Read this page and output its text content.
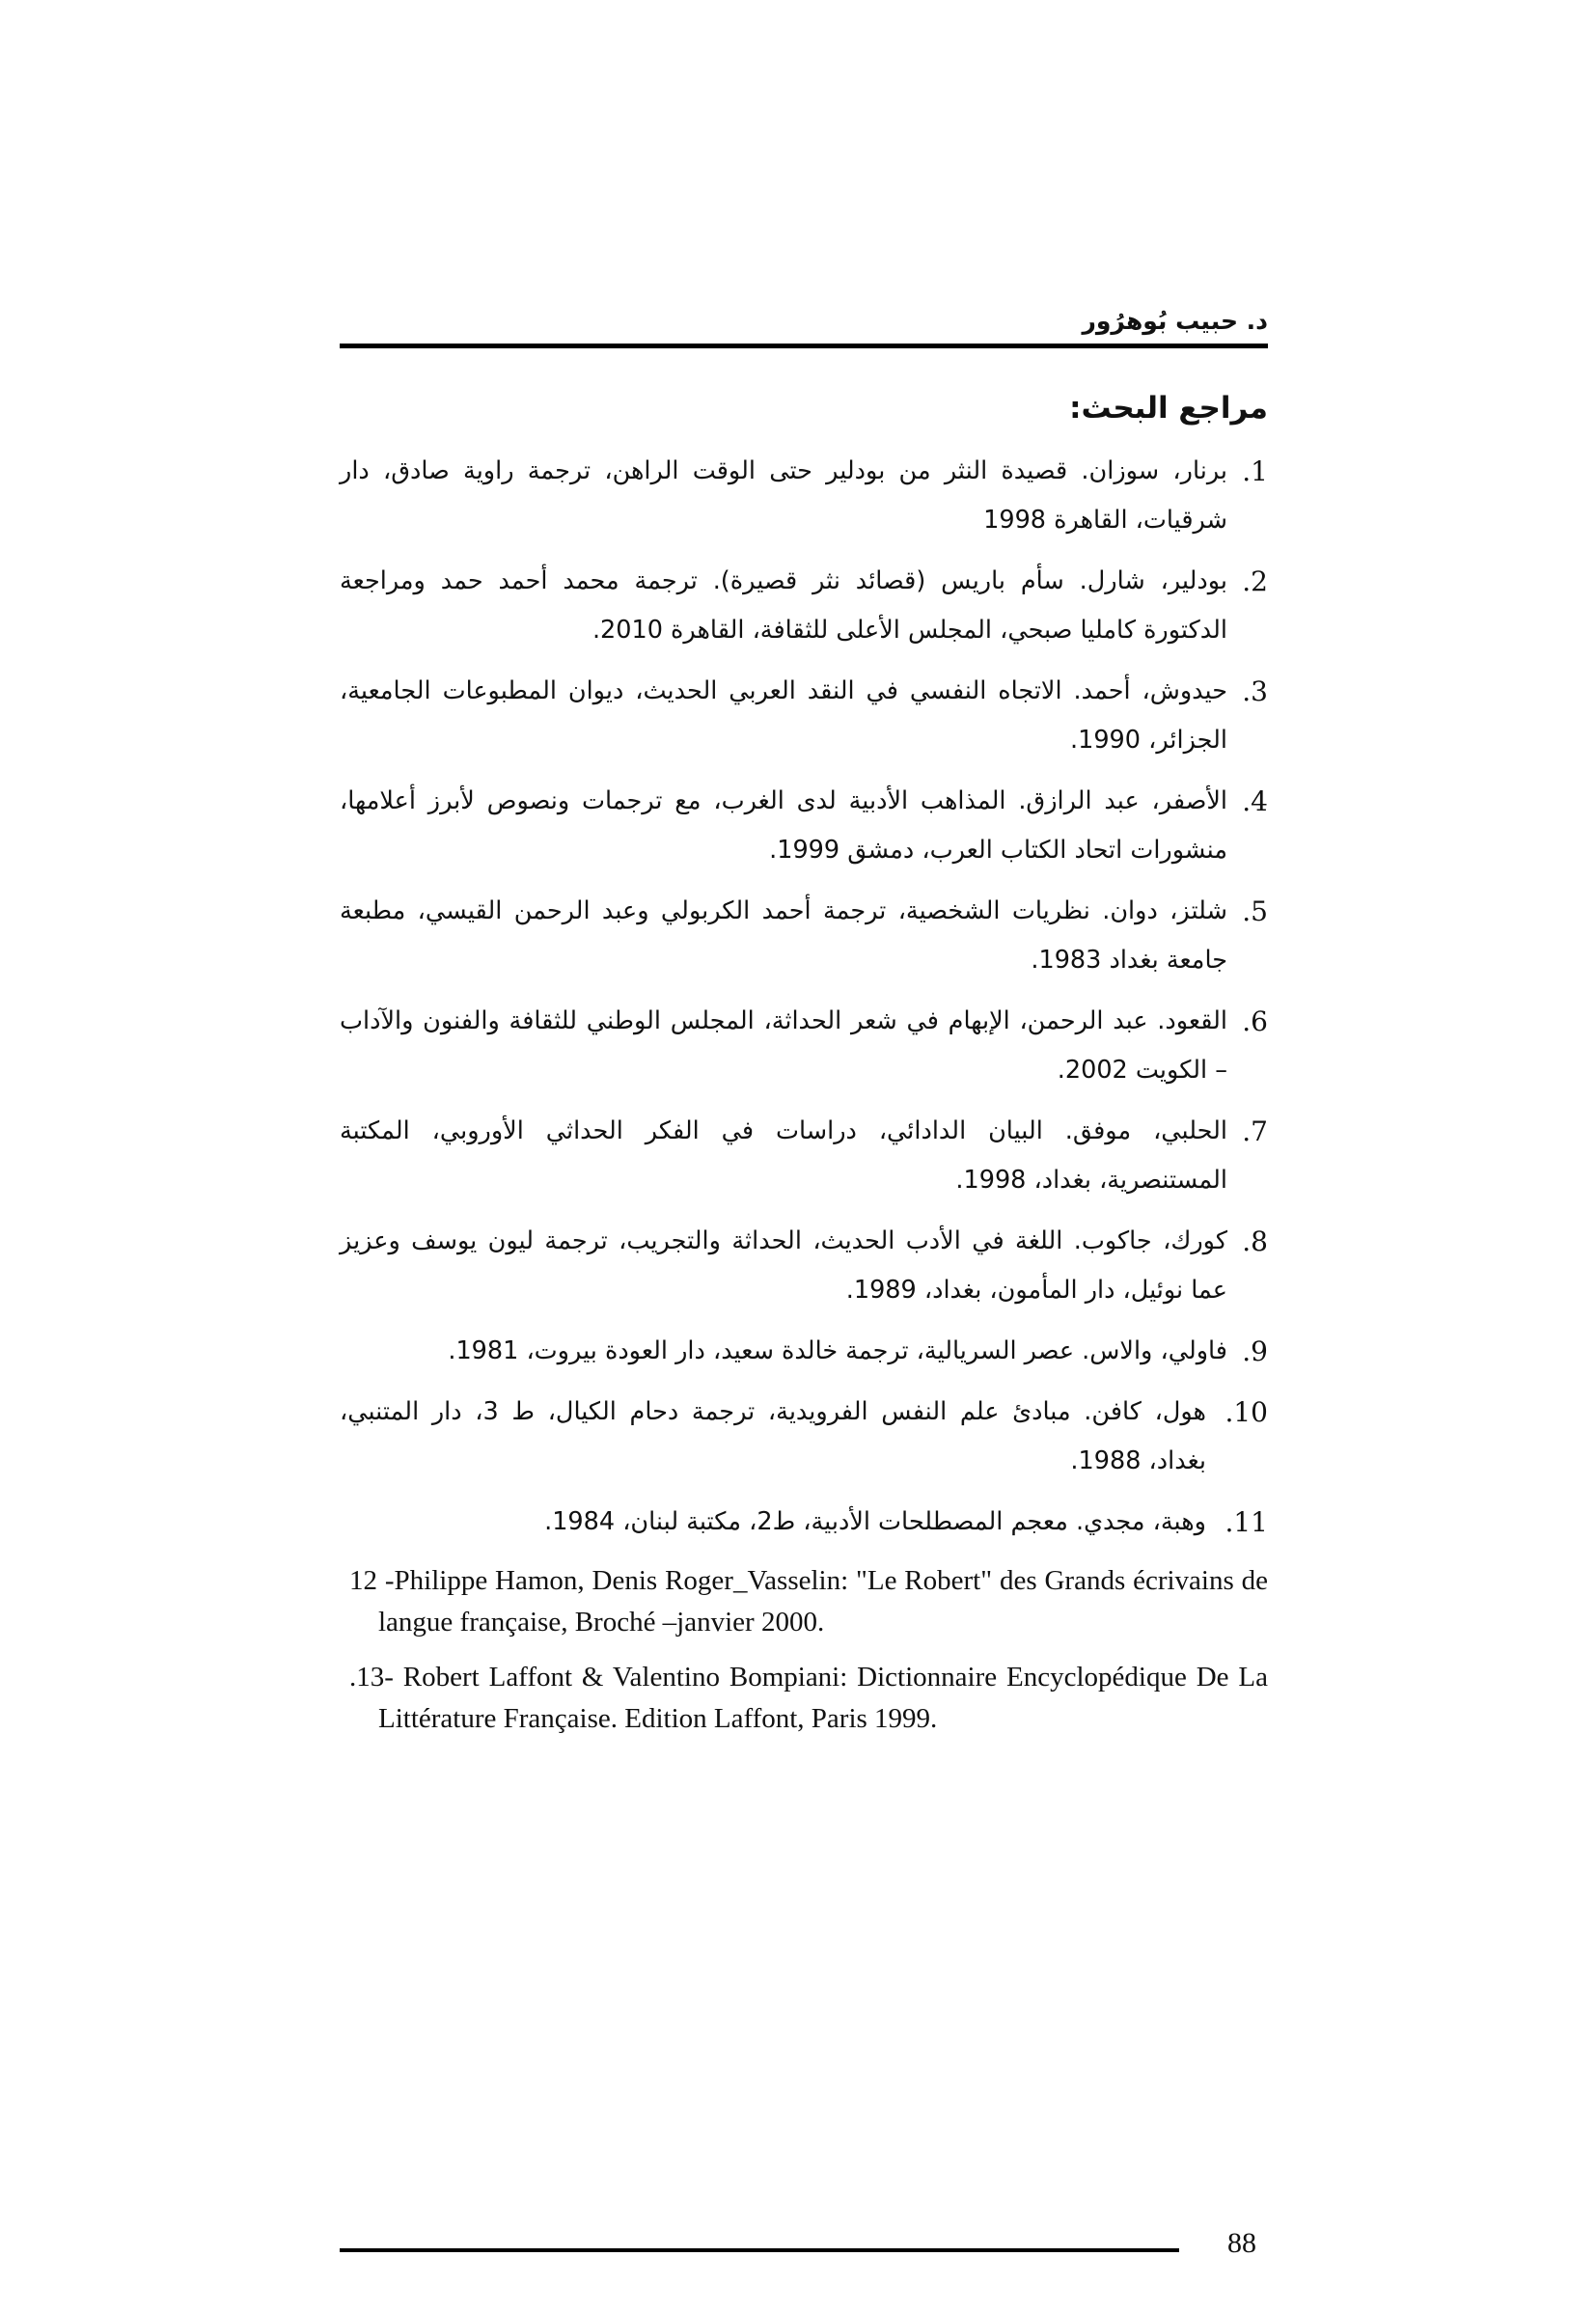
د. حبيب بُوهرُور
مراجع البحث:
1.
برنار، سوزان. قصيدة النثر من بودلير حتى الوقت الراهن، ترجمة راوية صادق، دار شرقيات، القاهرة 1998
2.
بودلير، شارل. سأم باريس (قصائد نثر قصيرة). ترجمة محمد أحمد حمد ومراجعة الدكتورة كامليا صبحي، المجلس الأعلى للثقافة، القاهرة 2010.
3.
حيدوش، أحمد. الاتجاه النفسي في النقد العربي الحديث، ديوان المطبوعات الجامعية، الجزائر، 1990.
4.
الأصفر، عبد الرازق. المذاهب الأدبية لدى الغرب، مع ترجمات ونصوص لأبرز أعلامها، منشورات اتحاد الكتاب العرب، دمشق 1999.
5.
شلتز، دوان. نظريات الشخصية، ترجمة أحمد الكربولي وعبد الرحمن القيسي، مطبعة جامعة بغداد 1983.
6.
القعود. عبد الرحمن، الإبهام في شعر الحداثة، المجلس الوطني للثقافة والفنون والآداب – الكويت 2002.
7.
الحلبي، موفق. البيان الدادائي، دراسات في الفكر الحداثي الأوروبي، المكتبة المستنصرية، بغداد، 1998.
8.
كورك، جاكوب. اللغة في الأدب الحديث، الحداثة والتجريب، ترجمة ليون يوسف وعزيز عما نوئيل، دار المأمون، بغداد، 1989.
9.
فاولي، والاس. عصر السريالية، ترجمة خالدة سعيد، دار العودة بيروت، 1981.
10.
هول، كافن. مبادئ علم النفس الفرويدية، ترجمة دحام الكيال، ط 3، دار المتنبي، بغداد، 1988.
11.
وهبة، مجدي. معجم المصطلحات الأدبية، ط2، مكتبة لبنان، 1984.
12 -Philippe Hamon, Denis Roger_Vasselin: "Le Robert" des Grands écrivains de langue française, Broché –janvier 2000.
.13- Robert Laffont & Valentino Bompiani: Dictionnaire Encyclopédique De La Littérature Française. Edition Laffont, Paris 1999.
88
